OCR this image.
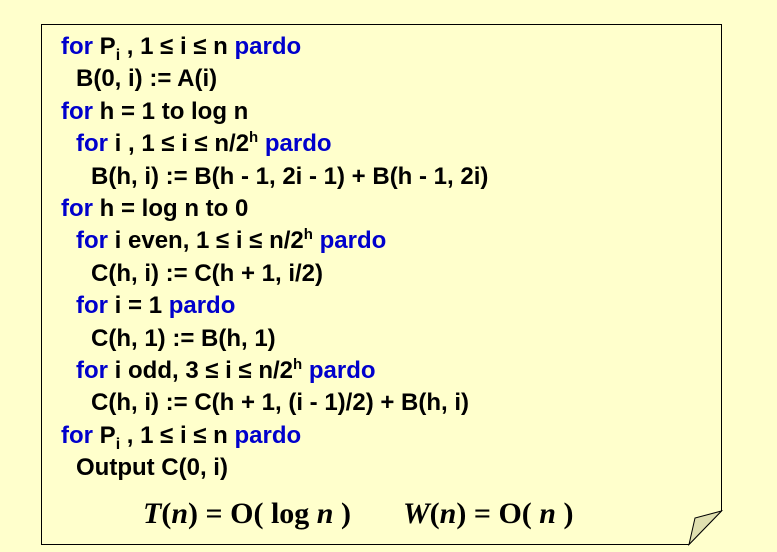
for $P_i$ , 1 ≤ i ≤ n pardo
B(0, i) := A(i)
for h = 1 to log n
for i , $1 \le i \le n/2^h$ pardo
B(h, i) := B(h - 1, 2i - 1) + B(h - 1, 2i)
for h = log n to 0
for i even, $1 \le i \le n/2^h$ pardo
C(h, i) := C(h + 1, i/2)
for i = 1 pardo
C(h, 1) := B(h, 1)
for i odd, $3 \le i \le n/2^h$ pardo
C(h, i) := C(h + 1, (i - 1)/2) + B(h, i)
for $P_i$ , 1 ≤ i ≤ n pardo
Output C(0, i)
T(n) = O( log n ) W(n) = O( n )
